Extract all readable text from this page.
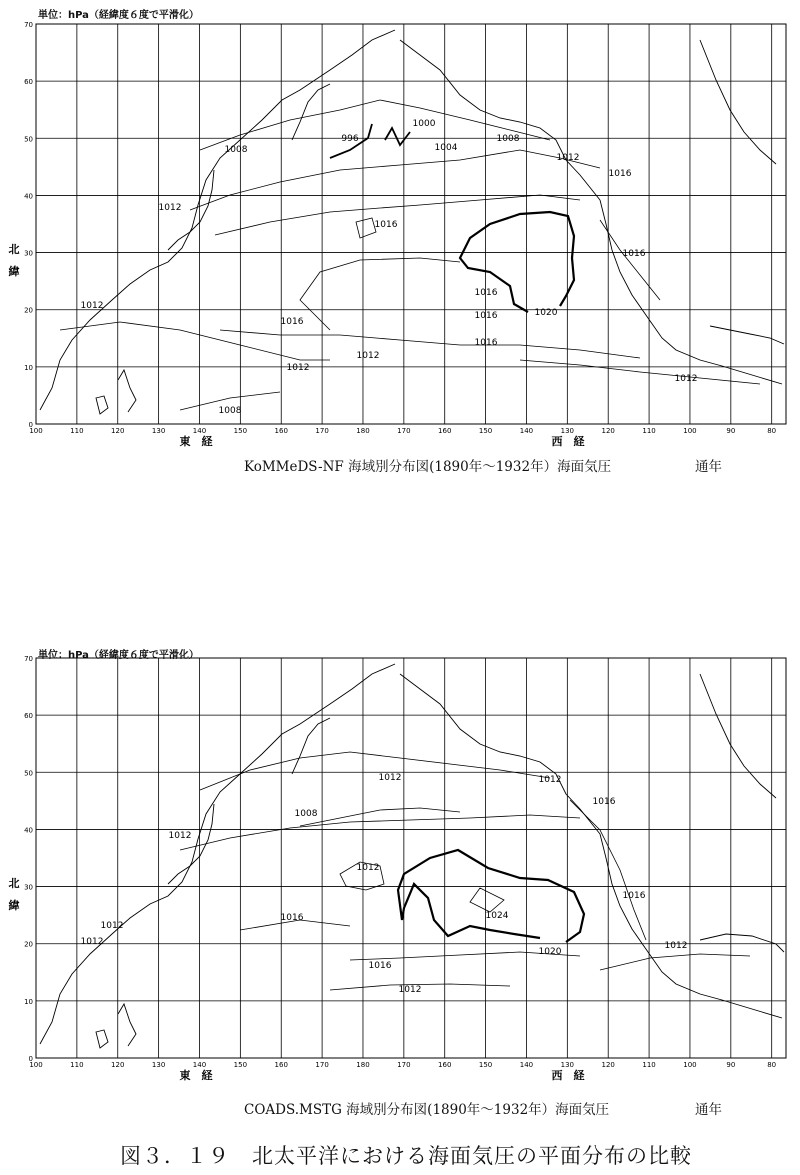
単位：hPa（経緯度６度で平滑化）
70
60
50
40
30
20
10
0
100	110	120	130	140	150	160	170	180	170	160	150	140	130	120	110	100	90	80
996
1000
1004
1008
1008
1012
1012
1016
1016
1016
1016
1016
1016
1016
1012
1012
1012
1012
1008
1020
北
緯
東　経	西　経
KoMMeDS-NF 海域別分布図(1890年〜1932年）海面気圧	通年
単位：hPa（経緯度６度で平滑化）
70
60
50
40
30
20
10
0
100	110	120	130	140	150	160	170	180	170	160	150	140	130	120	110	100	90	80
1012	1012
1016
1008
1012
1012
1016
1016	1024
1020
1012
1016
1012
1012
1012
北
緯
東　経	西　経
COADS.MSTG 海域別分布図(1890年〜1932年）海面気圧	通年
図３．１９　北太平洋における海面気圧の平面分布の比較
